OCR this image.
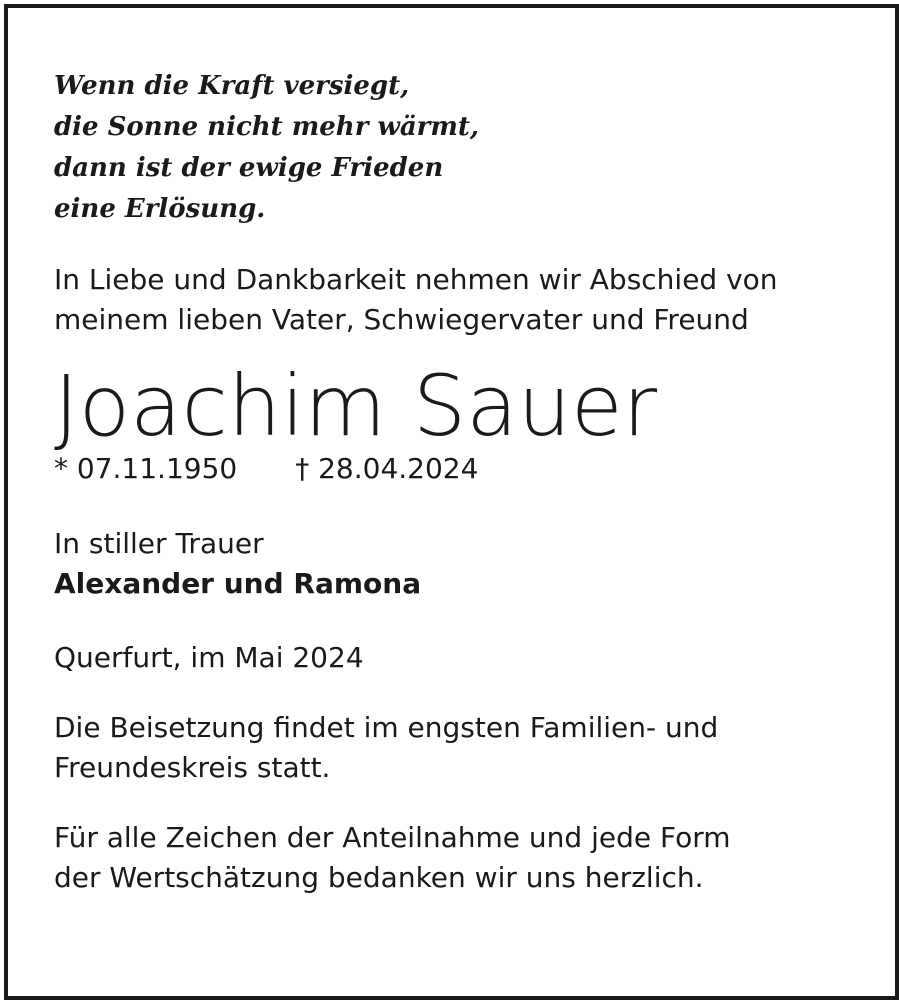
Wenn die Kraft versiegt,
die Sonne nicht mehr wärmt,
dann ist der ewige Frieden
eine Erlösung.
In Liebe und Dankbarkeit nehmen wir Abschied von
meinem lieben Vater, Schwiegervater und Freund
Joachim Sauer
* 07.11.1950 † 28.04.2024
In stiller Trauer
Alexander und Ramona
Querfurt, im Mai 2024
Die Beisetzung findet im engsten Familien- und
Freundeskreis statt.
Für alle Zeichen der Anteilnahme und jede Form
der Wertschätzung bedanken wir uns herzlich.
